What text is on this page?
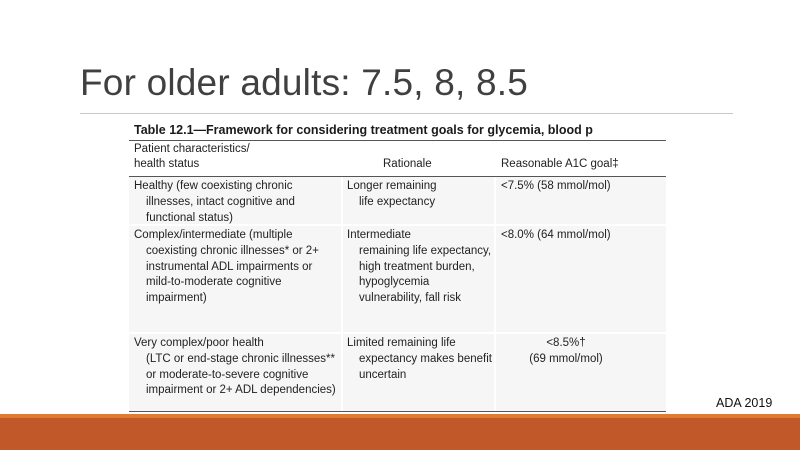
For older adults: 7.5, 8, 8.5
Table 12.1—Framework for considering treatment goals for glycemia, blood p
Patient characteristics/
health status	Rationale	Reasonable A1C goal‡
Healthy (few coexisting chronic
illnesses, intact cognitive and functional status)
Longer remaining
life expectancy
<7.5% (58 mmol/mol)
Complex/intermediate (multiple
coexisting chronic illnesses* or 2+ instrumental ADL impairments or mild-to-moderate cognitive impairment)
Intermediate
remaining life expectancy, high treatment burden, hypoglycemia vulnerability, fall risk
<8.0% (64 mmol/mol)
Very complex/poor health
(LTC or end-stage chronic illnesses** or moderate-to-severe cognitive impairment or 2+ ADL dependencies)
Limited remaining life
expectancy makes benefit uncertain
<8.5%†
(69 mmol/mol)
ADA 2019
